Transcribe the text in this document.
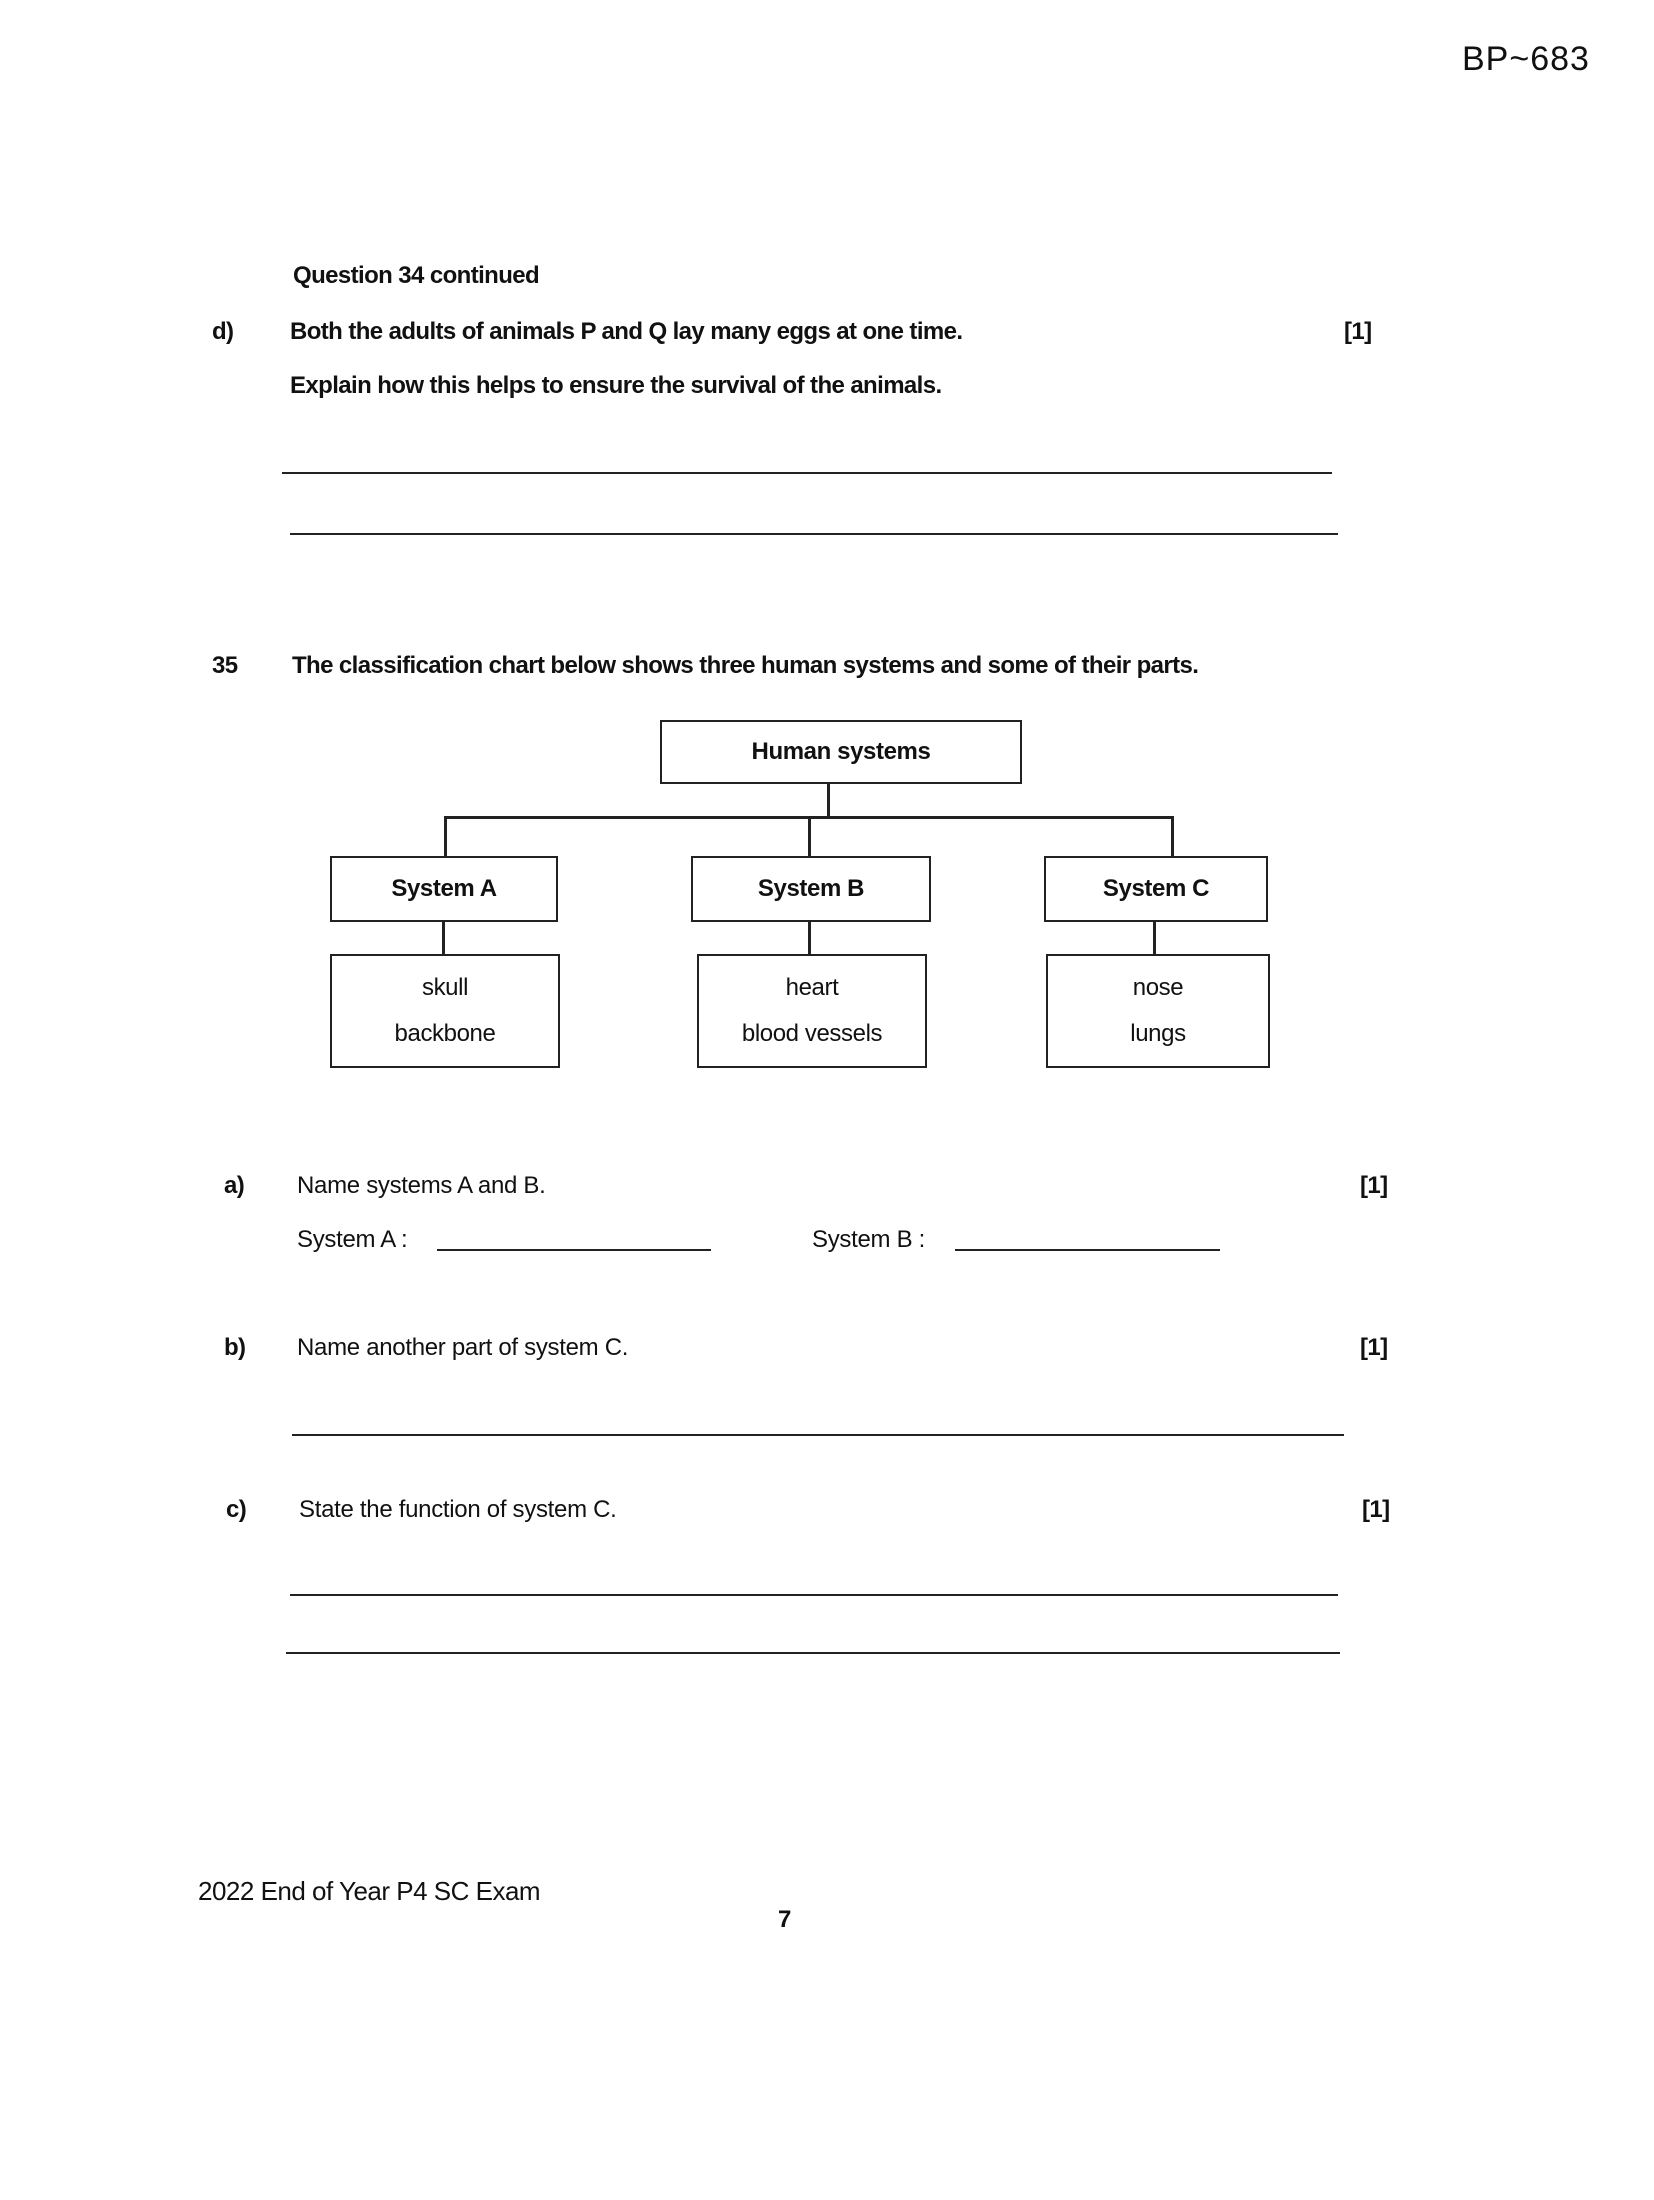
BP~683
Question 34 continued
d) Both the adults of animals P and Q lay many eggs at one time.	[1]
Explain how this helps to ensure the survival of the animals.
35 The classification chart below shows three human systems and some of their parts.
Human systems
System A	System B	System C
skull
backbone
heart
blood vessels
nose
lungs
a) Name systems A and B.	[1]
System A :	System B :
b) Name another part of system C.	[1]
c) State the function of system C.	[1]
2022 End of Year P4 SC Exam
7
